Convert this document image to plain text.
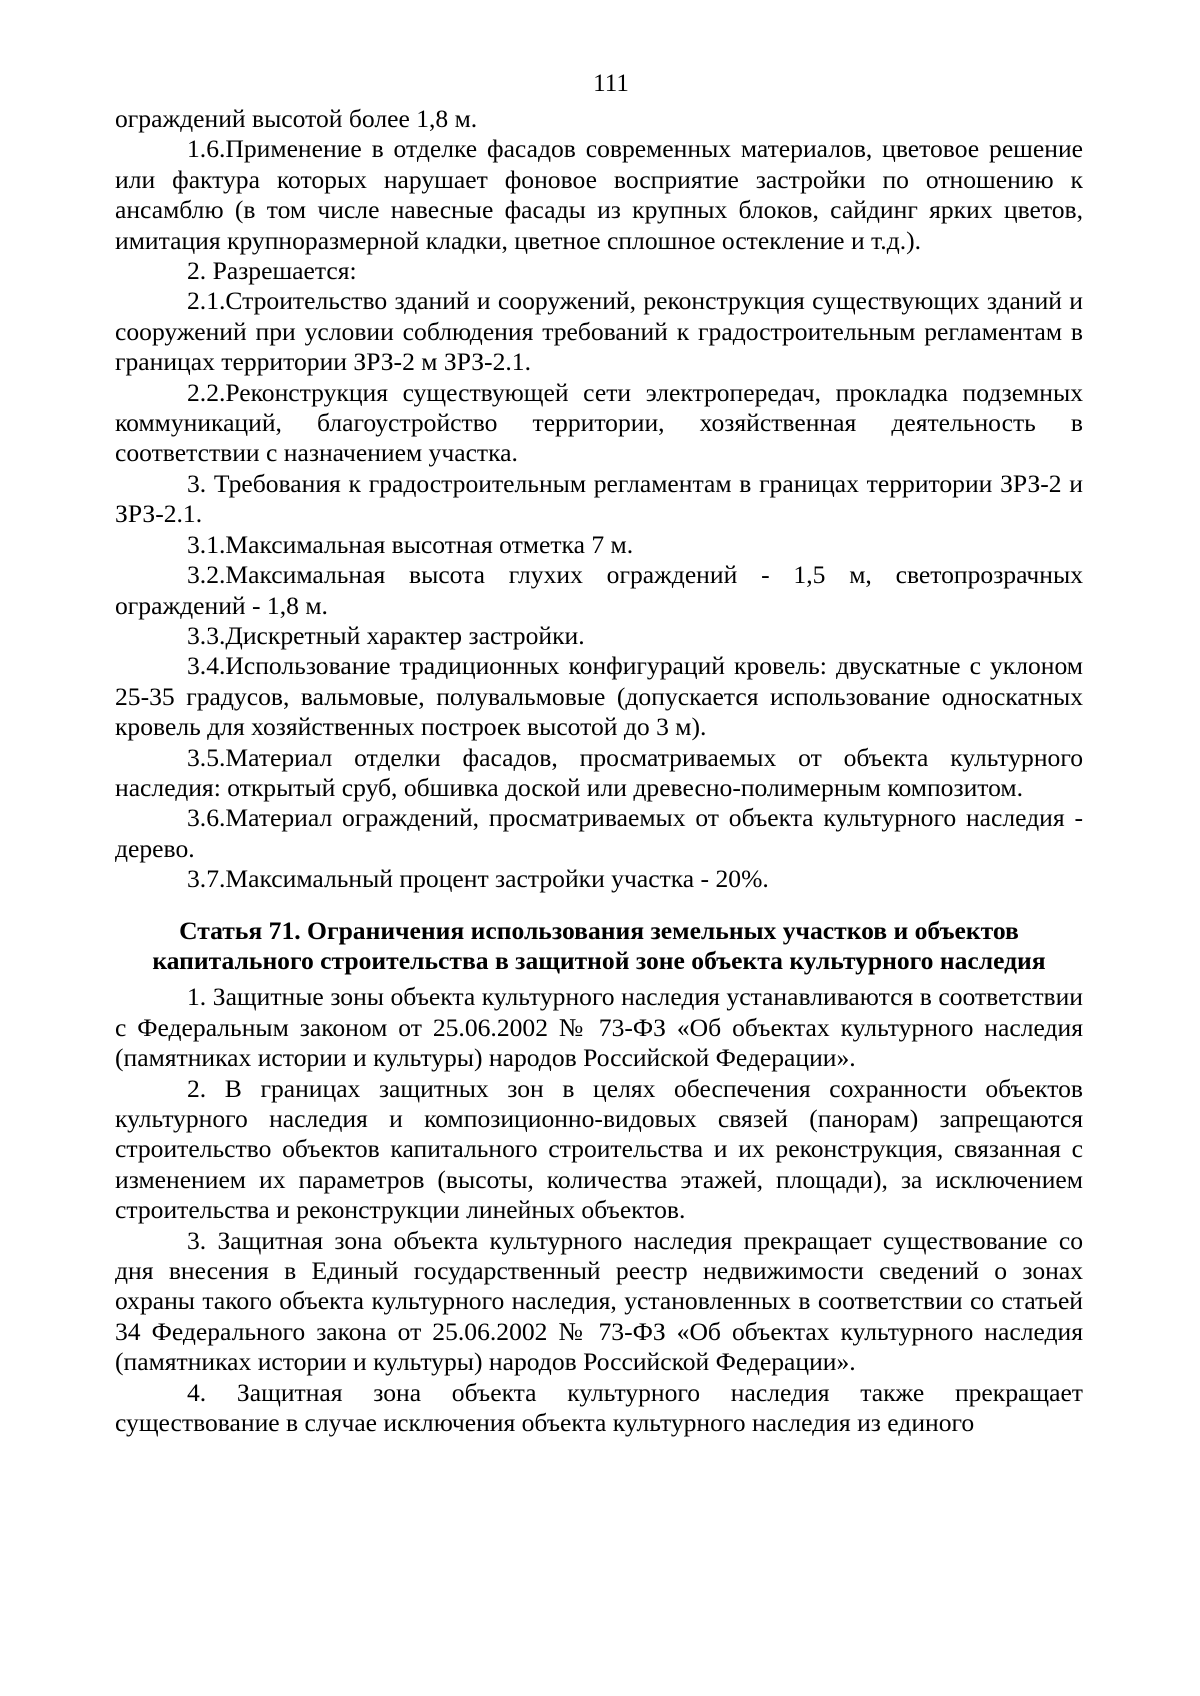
111
ограждений высотой более 1,8 м.
1.6.Применение в отделке фасадов современных материалов, цветовое решение или фактура которых нарушает фоновое восприятие застройки по отношению к ансамблю (в том числе навесные фасады из крупных блоков, сайдинг ярких цветов, имитация крупноразмерной кладки, цветное сплошное остекление и т.д.).
2. Разрешается:
2.1.Строительство зданий и сооружений, реконструкция существующих зданий и сооружений при условии соблюдения требований к градостроительным регламентам в границах территории ЗРЗ-2 м ЗРЗ-2.1.
2.2.Реконструкция существующей сети электропередач, прокладка подземных коммуникаций, благоустройство территории, хозяйственная деятельность в соответствии с назначением участка.
3. Требования к градостроительным регламентам в границах территории ЗРЗ-2 и ЗРЗ-2.1.
3.1.Максимальная высотная отметка 7 м.
3.2.Максимальная высота глухих ограждений - 1,5 м, светопрозрачных ограждений - 1,8 м.
3.3.Дискретный характер застройки.
3.4.Использование традиционных конфигураций кровель: двускатные с уклоном 25-35 градусов, вальмовые, полувальмовые (допускается использование односкатных кровель для хозяйственных построек высотой до 3 м).
3.5.Материал отделки фасадов, просматриваемых от объекта культурного наследия: открытый сруб, обшивка доской или древесно-полимерным композитом.
3.6.Материал ограждений, просматриваемых от объекта культурного наследия - дерево.
3.7.Максимальный процент застройки участка - 20%.
Статья 71. Ограничения использования земельных участков и объектов капитального строительства в защитной зоне объекта культурного наследия
1. Защитные зоны объекта культурного наследия устанавливаются в соответствии с Федеральным законом от 25.06.2002 № 73-ФЗ «Об объектах культурного наследия (памятниках истории и культуры) народов Российской Федерации».
2. В границах защитных зон в целях обеспечения сохранности объектов культурного наследия и композиционно-видовых связей (панорам) запрещаются строительство объектов капитального строительства и их реконструкция, связанная с изменением их параметров (высоты, количества этажей, площади), за исключением строительства и реконструкции линейных объектов.
3. Защитная зона объекта культурного наследия прекращает существование со дня внесения в Единый государственный реестр недвижимости сведений о зонах охраны такого объекта культурного наследия, установленных в соответствии со статьей 34 Федерального закона от 25.06.2002 № 73-ФЗ «Об объектах культурного наследия (памятниках истории и культуры) народов Российской Федерации».
4. Защитная зона объекта культурного наследия также прекращает существование в случае исключения объекта культурного наследия из единого
